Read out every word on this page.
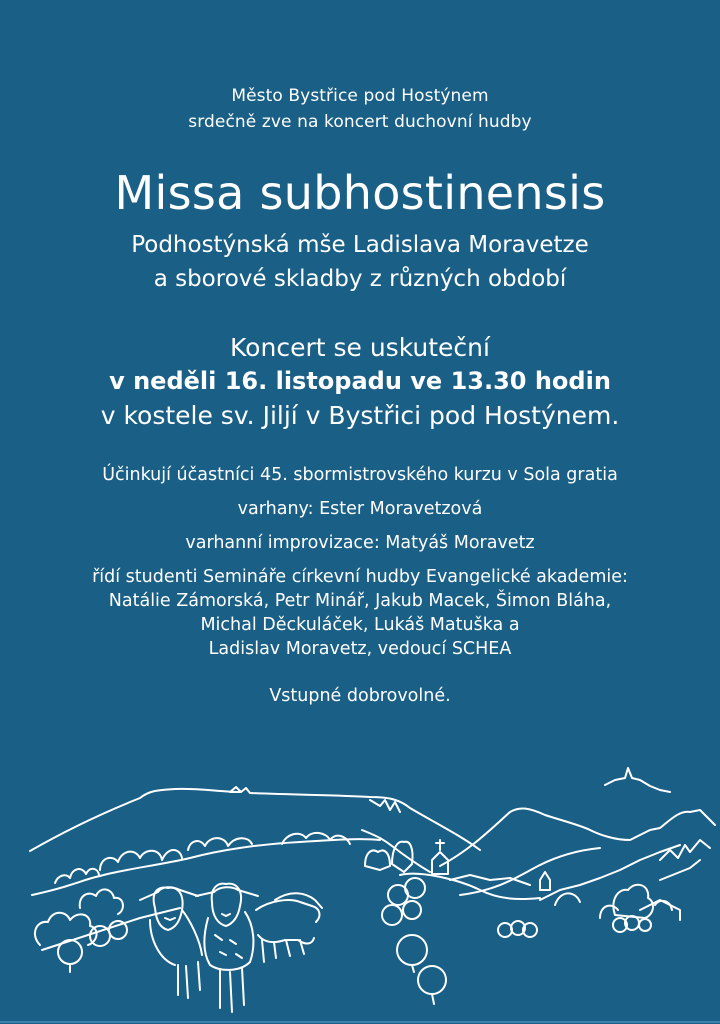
Město Bystřice pod Hostýnem
srdečně zve na koncert duchovní hudby
Missa subhostinensis
Podhostýnská mše Ladislava Moravetze
a sborové skladby z různých období
Koncert se uskuteční
v neděli 16. listopadu ve 13.30 hodin
v kostele sv. Jiljí v Bystřici pod Hostýnem.
Účinkují účastníci 45. sbormistrovského kurzu v Sola gratia
varhany: Ester Moravetzová
varhanní improvizace: Matyáš Moravetz
řídí studenti Semináře církevní hudby Evangelické akademie:
Natálie Zámorská, Petr Minář, Jakub Macek, Šimon Bláha,
Michal Děckuláček, Lukáš Matuška a
Ladislav Moravetz, vedoucí SCHEA
Vstupné dobrovolné.
